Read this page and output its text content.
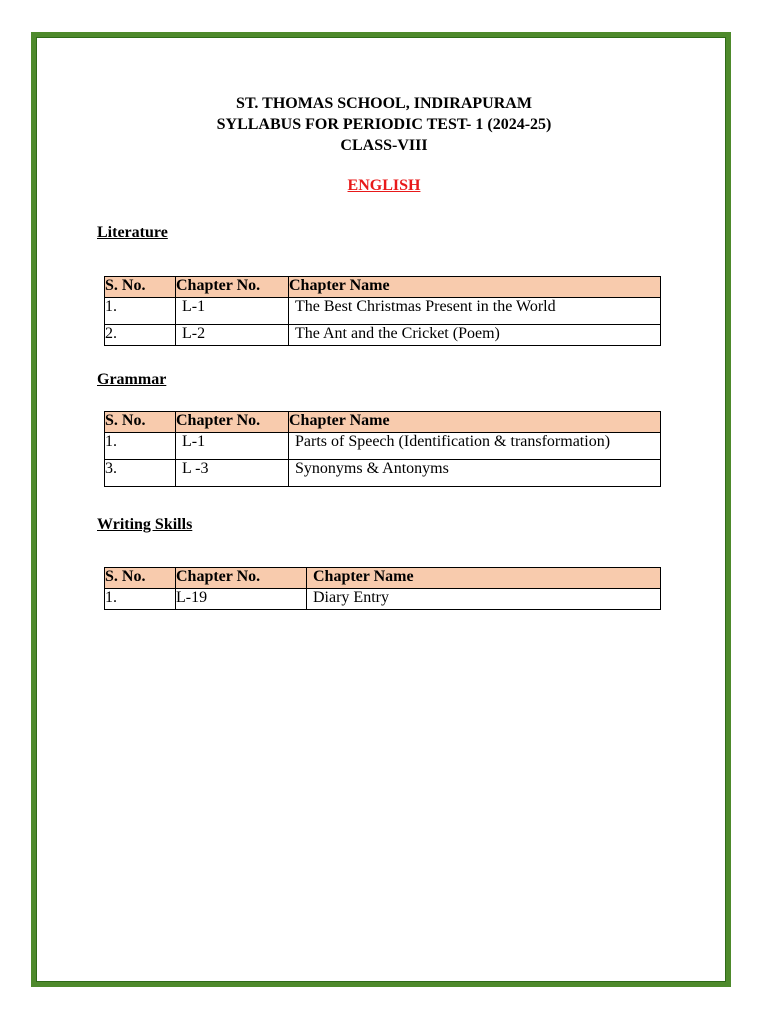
ST. THOMAS SCHOOL, INDIRAPURAM
SYLLABUS FOR PERIODIC TEST- 1 (2024-25)
CLASS-VIII
ENGLISH
Literature
S. No.	Chapter No.	Chapter Name
1.	L-1	The Best Christmas Present in the World
2.	L-2	The Ant and the Cricket (Poem)
Grammar
S. No.	Chapter No.	Chapter Name
1.	L-1	Parts of Speech (Identification & transformation)
3.	L -3	Synonyms & Antonyms
Writing Skills
S. No.	Chapter No.	Chapter Name
1.	L-19	Diary Entry
